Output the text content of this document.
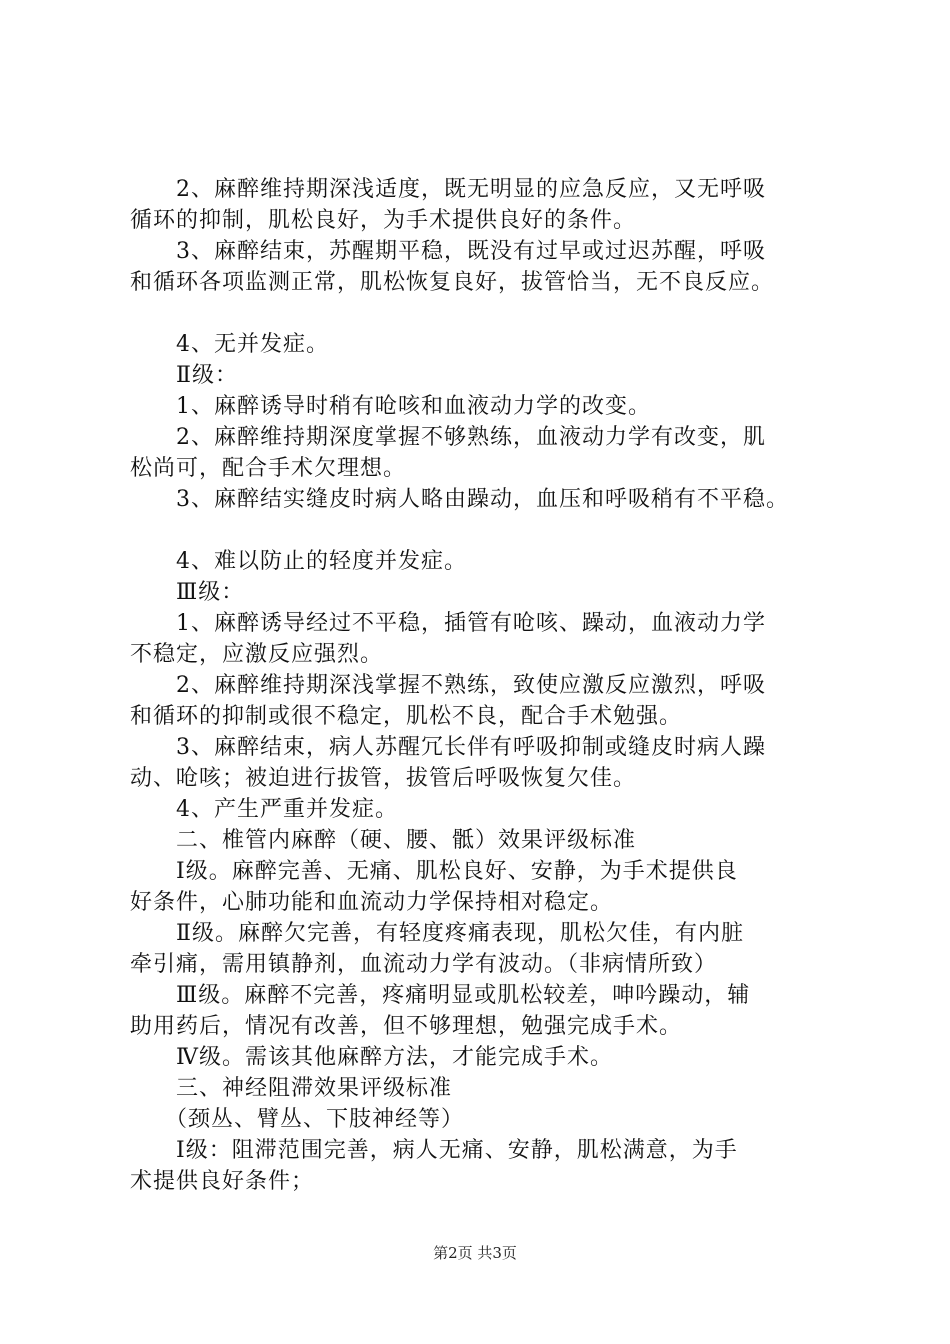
　　2、麻醉维持期深浅适度，既无明显的应急反应，又无呼吸
循环的抑制，肌松良好，为手术提供良好的条件。
　　3、麻醉结束，苏醒期平稳，既没有过早或过迟苏醒，呼吸
和循环各项监测正常，肌松恢复良好，拔管恰当，无不良反应。
　　4、无并发症。
　　Ⅱ级：
　　1、麻醉诱导时稍有呛咳和血液动力学的改变。
　　2、麻醉维持期深度掌握不够熟练，血液动力学有改变，肌
松尚可，配合手术欠理想。
　　3、麻醉结实缝皮时病人略由躁动，血压和呼吸稍有不平稳。
　　4、难以防止的轻度并发症。
　　Ⅲ级：
　　1、麻醉诱导经过不平稳，插管有呛咳、躁动，血液动力学
不稳定，应激反应强烈。
　　2、麻醉维持期深浅掌握不熟练，致使应激反应激烈，呼吸
和循环的抑制或很不稳定，肌松不良，配合手术勉强。
　　3、麻醉结束，病人苏醒冗长伴有呼吸抑制或缝皮时病人躁
动、呛咳；被迫进行拔管，拔管后呼吸恢复欠佳。
　　4、产生严重并发症。
　　二、椎管内麻醉（硬、腰、骶）效果评级标准
　　Ⅰ级。麻醉完善、无痛、肌松良好、安静，为手术提供良
好条件，心肺功能和血流动力学保持相对稳定。
　　Ⅱ级。麻醉欠完善，有轻度疼痛表现，肌松欠佳，有内脏
牵引痛，需用镇静剂，血流动力学有波动。（非病情所致）
　　Ⅲ级。麻醉不完善，疼痛明显或肌松较差，呻吟躁动，辅
助用药后，情况有改善，但不够理想，勉强完成手术。
　　Ⅳ级。需该其他麻醉方法，才能完成手术。
　　三、神经阻滞效果评级标准
　　（颈丛、臂丛、下肢神经等）
　　Ⅰ级：阻滞范围完善，病人无痛、安静，肌松满意，为手
术提供良好条件；
第2页 共3页
